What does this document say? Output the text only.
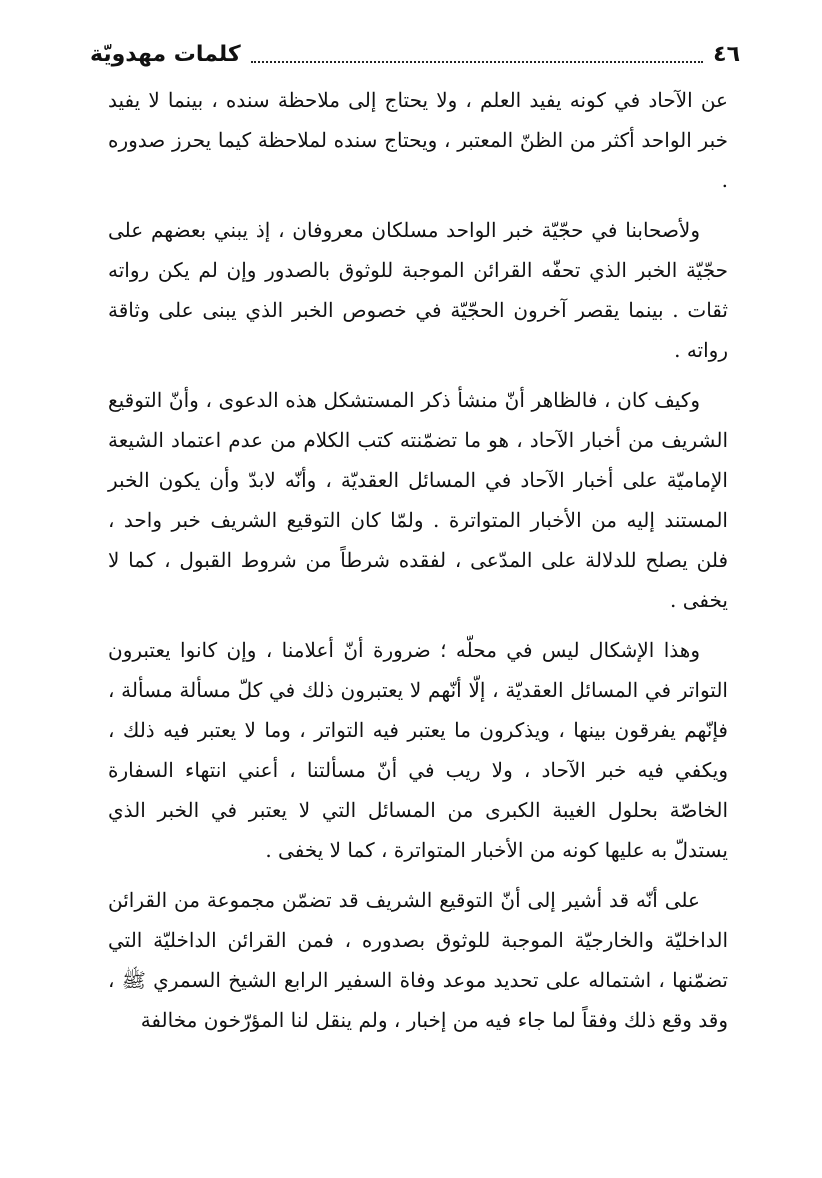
٤٦
كلمات مهدويّة

عن الآحاد في كونه يفيد العلم ، ولا يحتاج إلى ملاحظة سنده ، بينما لا يفيد خبر الواحد أكثر من الظنّ المعتبر ، ويحتاج سنده لملاحظة كيما يحرز صدوره .

ولأصحابنا في حجّيّة خبر الواحد مسلكان معروفان ، إذ يبني بعضهم على حجّيّة الخبر الذي تحفّه القرائن الموجبة للوثوق بالصدور وإن لم يكن رواته ثقات . بينما يقصر آخرون الحجّيّة في خصوص الخبر الذي يبنى على وثاقة رواته .

وكيف كان ، فالظاهر أنّ منشأ ذكر المستشكل هذه الدعوى ، وأنّ التوقيع الشريف من أخبار الآحاد ، هو ما تضمّنته كتب الكلام من عدم اعتماد الشيعة الإماميّة على أخبار الآحاد في المسائل العقديّة ، وأنّه لابدّ وأن يكون الخبر المستند إليه من الأخبار المتواترة . ولمّا كان التوقيع الشريف خبر واحد ، فلن يصلح للدلالة على المدّعى ، لفقده شرطاً من شروط القبول ، كما لا يخفى .

وهذا الإشكال ليس في محلّه ؛ ضرورة أنّ أعلامنا ، وإن كانوا يعتبرون التواتر في المسائل العقديّة ، إلّا أنّهم لا يعتبرون ذلك في كلّ مسألة مسألة ، فإنّهم يفرقون بينها ، ويذكرون ما يعتبر فيه التواتر ، وما لا يعتبر فيه ذلك ، ويكفي فيه خبر الآحاد ، ولا ريب في أنّ مسألتنا ، أعني انتهاء السفارة الخاصّة بحلول الغيبة الكبرى من المسائل التي لا يعتبر في الخبر الذي يستدلّ به عليها كونه من الأخبار المتواترة ، كما لا يخفى .

على أنّه قد أشير إلى أنّ التوقيع الشريف قد تضمّن مجموعة من القرائن الداخليّة والخارجيّة الموجبة للوثوق بصدوره ، فمن القرائن الداخليّة التي تضمّنها ، اشتماله على تحديد موعد وفاة السفير الرابع الشيخ السمري ﷺ ، وقد وقع ذلك وفقاً لما جاء فيه من إخبار ، ولم ينقل لنا المؤرّخون مخالفة
